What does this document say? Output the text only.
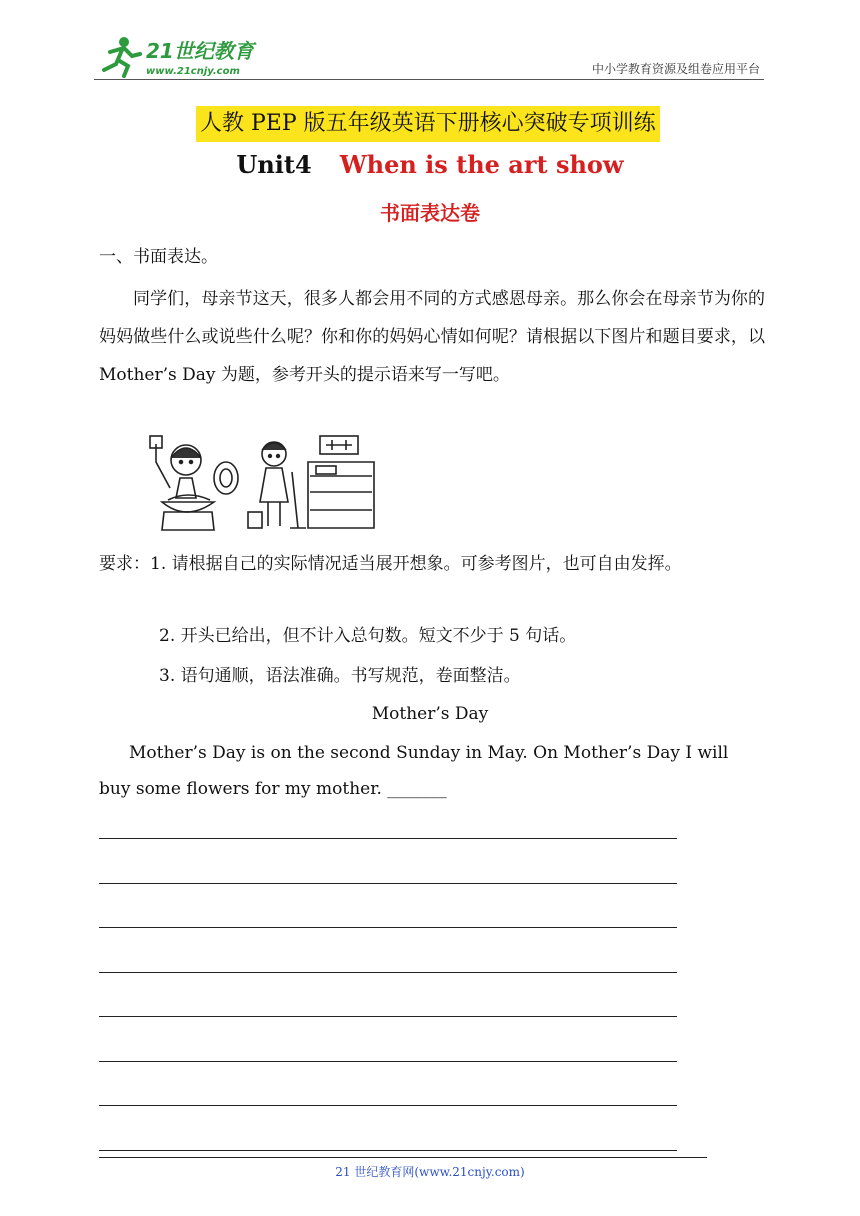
21世纪教育
www.21cnjy.com	中小学教育资源及组卷应用平台
人教 PEP 版五年级英语下册核心突破专项训练
Unit4 When is the art show
书面表达卷
一、书面表达。
同学们，母亲节这天，很多人都会用不同的方式感恩母亲。那么你会在母亲节为你的妈妈做些什么或说些什么呢？你和你的妈妈心情如何呢？请根据以下图片和题目要求，以 Mother’s Day 为题，参考开头的提示语来写一写吧。
要求：1. 请根据自己的实际情况适当展开想象。可参考图片，也可自由发挥。
2. 开头已给出，但不计入总句数。短文不少于 5 句话。
3. 语句通顺，语法准确。书写规范，卷面整洁。
Mother’s Day
Mother’s Day is on the second Sunday in May. On Mother’s Day I will buy some flowers for my mother. _______
21 世纪教育网(www.21cnjy.com)
